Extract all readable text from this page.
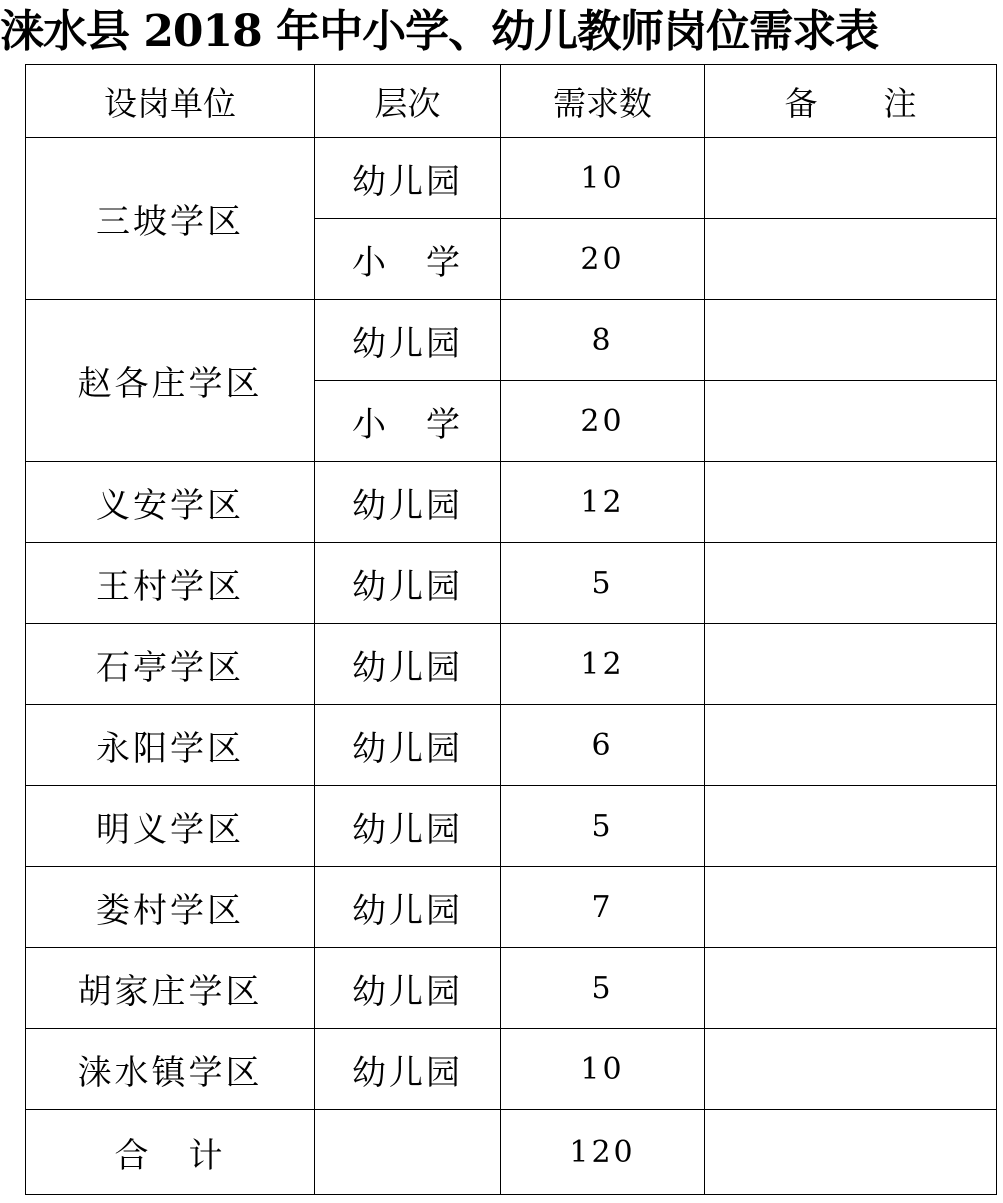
涞水县 2018 年中小学、幼儿教师岗位需求表
设岗单位	层次	需求数	备　　注
三坡学区	幼儿园	10	
	小　学	20	
赵各庄学区	幼儿园	8	
	小　学	20	
义安学区	幼儿园	12	
王村学区	幼儿园	5	
石亭学区	幼儿园	12	
永阳学区	幼儿园	6	
明义学区	幼儿园	5	
娄村学区	幼儿园	7	
胡家庄学区	幼儿园	5	
涞水镇学区	幼儿园	10	
合　计		120	
